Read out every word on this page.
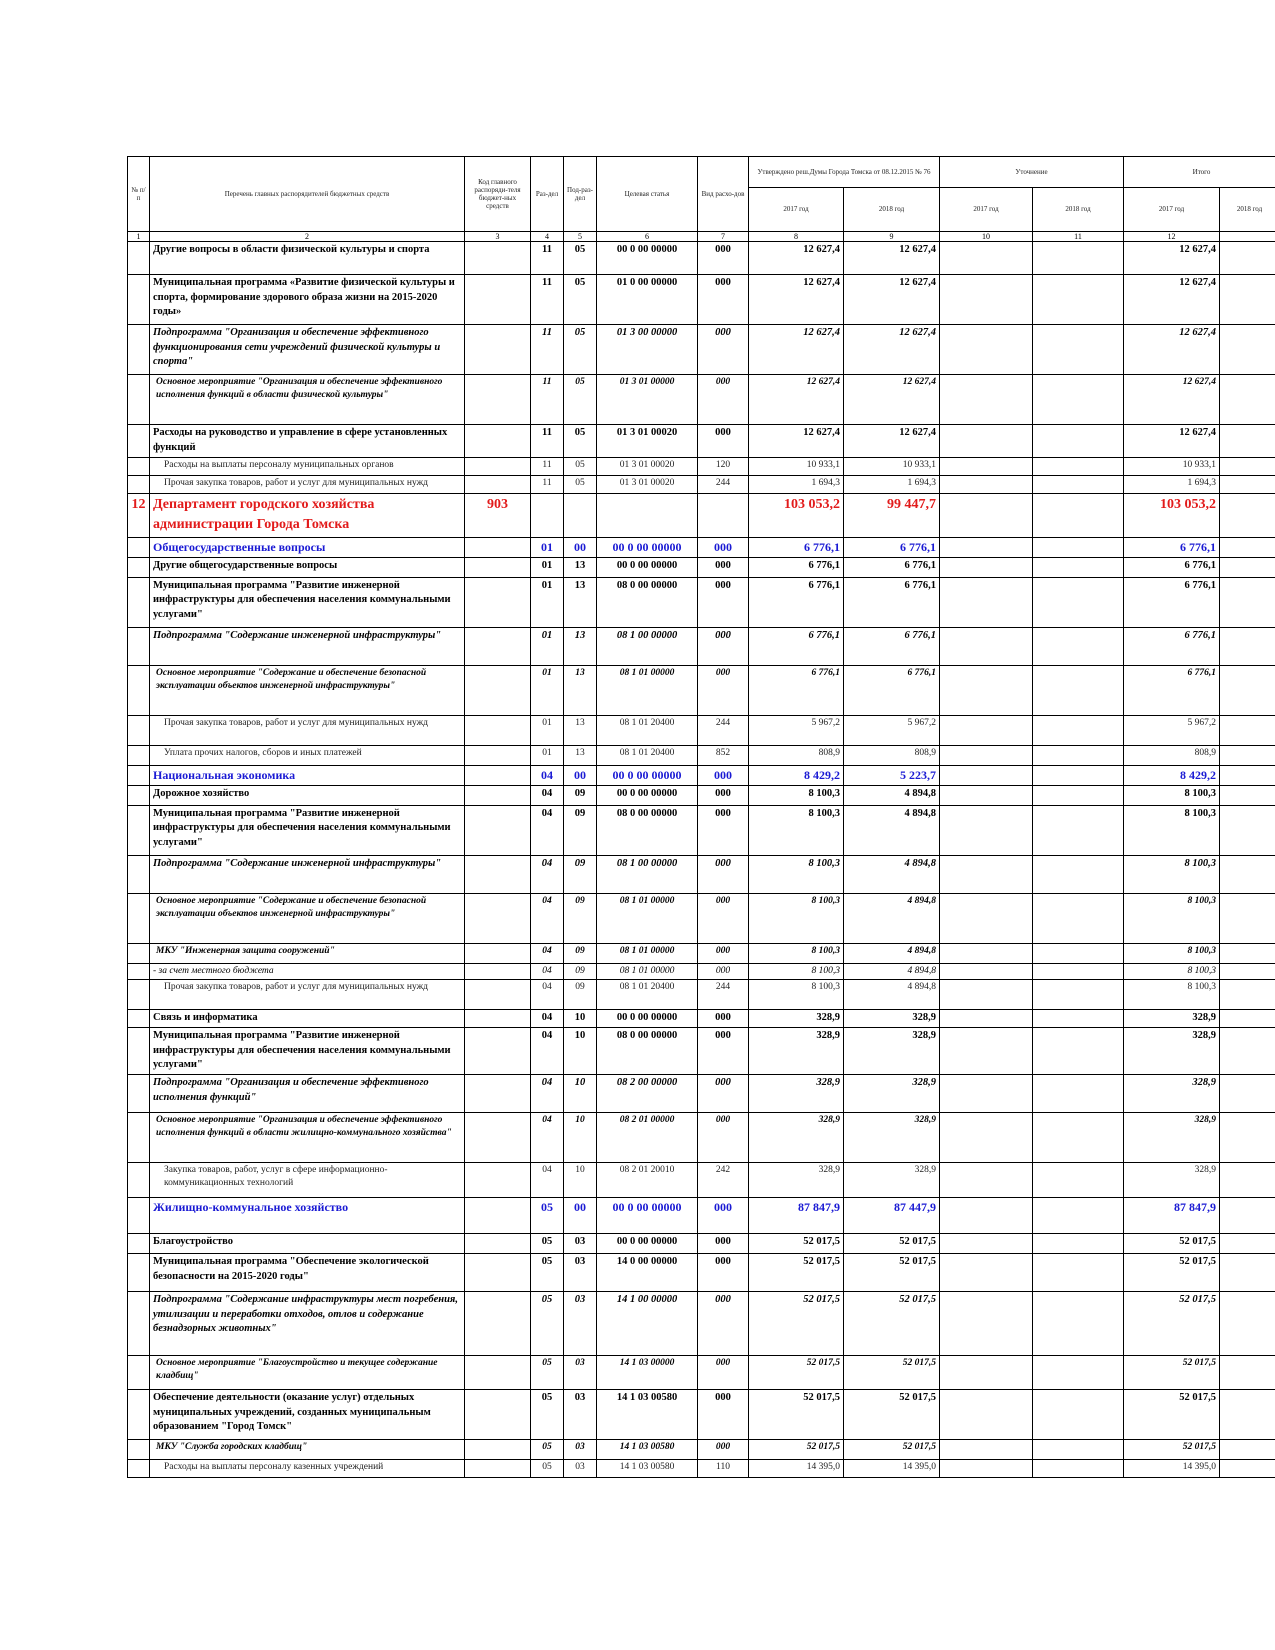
№ п/п	Перечень главных распорядителей бюджетных средств	Код главного распоряди-теля бюджет-ных средств	Раз-дел	Под-раз-дел	Целевая статья	Вид расхо-дов	Утверждено реш.Думы Города Томска от 08.12.2015 № 76		Уточнение		Итого	
							2017 год	2018 год	2017 год	2018 год	2017 год	2018 год
1	2	3	4	5	6	7	8	9	10	11	12	
	Другие вопросы в области физической культуры и спорта		11	05	00 0 00 00000	000	12 627,4	12 627,4			12 627,4	
	Муниципальная программа «Развитие физической культуры и спорта, формирование здорового образа жизни на 2015-2020 годы»		11	05	01 0 00 00000	000	12 627,4	12 627,4			12 627,4	
	Подпрограмма "Организация и обеспечение эффективного функционирования сети учреждений физической культуры и спорта"		11	05	01 3 00 00000	000	12 627,4	12 627,4			12 627,4	
	Основное мероприятие "Организация и обеспечение эффективного исполнения функций в области физической культуры"		11	05	01 3 01 00000	000	12 627,4	12 627,4			12 627,4	
	Расходы на руководство и управление в сфере установленных функций		11	05	01 3 01 00020	000	12 627,4	12 627,4			12 627,4	
	Расходы на выплаты персоналу муниципальных органов		11	05	01 3 01 00020	120	10 933,1	10 933,1			10 933,1	
	Прочая закупка товаров, работ и услуг для муниципальных нужд		11	05	01 3 01 00020	244	1 694,3	1 694,3			1 694,3	
12	Департамент городского хозяйства администрации Города Томска	903					103 053,2	99 447,7			103 053,2	
	Общегосударственные вопросы		01	00	00 0 00 00000	000	6 776,1	6 776,1			6 776,1	
	Другие общегосударственные вопросы		01	13	00 0 00 00000	000	6 776,1	6 776,1			6 776,1	
	Муниципальная программа "Развитие инженерной инфраструктуры для обеспечения населения коммунальными услугами"		01	13	08 0 00 00000	000	6 776,1	6 776,1			6 776,1	
	Подпрограмма "Содержание инженерной инфраструктуры"		01	13	08 1 00 00000	000	6 776,1	6 776,1			6 776,1	
	Основное мероприятие "Содержание и обеспечение безопасной эксплуатации объектов инженерной инфраструктуры"		01	13	08 1 01 00000	000	6 776,1	6 776,1			6 776,1	
	Прочая закупка товаров, работ и услуг для муниципальных нужд		01	13	08 1 01 20400	244	5 967,2	5 967,2			5 967,2	
	Уплата прочих налогов, сборов и иных платежей		01	13	08 1 01 20400	852	808,9	808,9			808,9	
	Национальная экономика		04	00	00 0 00 00000	000	8 429,2	5 223,7			8 429,2	
	Дорожное хозяйство		04	09	00 0 00 00000	000	8 100,3	4 894,8			8 100,3	
	Муниципальная программа "Развитие инженерной инфраструктуры для обеспечения населения коммунальными услугами"		04	09	08 0 00 00000	000	8 100,3	4 894,8			8 100,3	
	Подпрограмма "Содержание инженерной инфраструктуры"		04	09	08 1 00 00000	000	8 100,3	4 894,8			8 100,3	
	Основное мероприятие "Содержание и обеспечение безопасной эксплуатации объектов инженерной инфраструктуры"		04	09	08 1 01 00000	000	8 100,3	4 894,8			8 100,3	
	МКУ "Инженерная защита сооружений"		04	09	08 1 01 00000	000	8 100,3	4 894,8			8 100,3	
	- за счет местного бюджета		04	09	08 1 01 00000	000	8 100,3	4 894,8			8 100,3	
	Прочая закупка товаров, работ и услуг для муниципальных нужд		04	09	08 1 01 20400	244	8 100,3	4 894,8			8 100,3	
	Связь и информатика		04	10	00 0 00 00000	000	328,9	328,9			328,9	
	Муниципальная программа "Развитие инженерной инфраструктуры для обеспечения населения коммунальными услугами"		04	10	08 0 00 00000	000	328,9	328,9			328,9	
	Подпрограмма "Организация и обеспечение эффективного исполнения функций"		04	10	08 2 00 00000	000	328,9	328,9			328,9	
	Основное мероприятие "Организация и обеспечение эффективного исполнения функций в области жилищно-коммунального хозяйства"		04	10	08 2 01 00000	000	328,9	328,9			328,9	
	Закупка товаров, работ, услуг в сфере информационно-коммуникационных технологий		04	10	08 2 01 20010	242	328,9	328,9			328,9	
	Жилищно-коммунальное хозяйство		05	00	00 0 00 00000	000	87 847,9	87 447,9			87 847,9	
	Благоустройство		05	03	00 0 00 00000	000	52 017,5	52 017,5			52 017,5	
	Муниципальная программа "Обеспечение экологической безопасности на 2015-2020 годы"		05	03	14 0 00 00000	000	52 017,5	52 017,5			52 017,5	
	Подпрограмма "Содержание инфраструктуры мест погребения, утилизации и переработки отходов, отлов и содержание безнадзорных животных"		05	03	14 1 00 00000	000	52 017,5	52 017,5			52 017,5	
	Основное мероприятие "Благоустройство и текущее содержание кладбищ"		05	03	14 1 03 00000	000	52 017,5	52 017,5			52 017,5	
	Обеспечение деятельности (оказание услуг) отдельных муниципальных учреждений, созданных муниципальным образованием "Город Томск"		05	03	14 1 03 00580	000	52 017,5	52 017,5			52 017,5	
	МКУ "Служба городских кладбищ"		05	03	14 1 03 00580	000	52 017,5	52 017,5			52 017,5	
	Расходы на выплаты персоналу казенных учреждений		05	03	14 1 03 00580	110	14 395,0	14 395,0			14 395,0	
